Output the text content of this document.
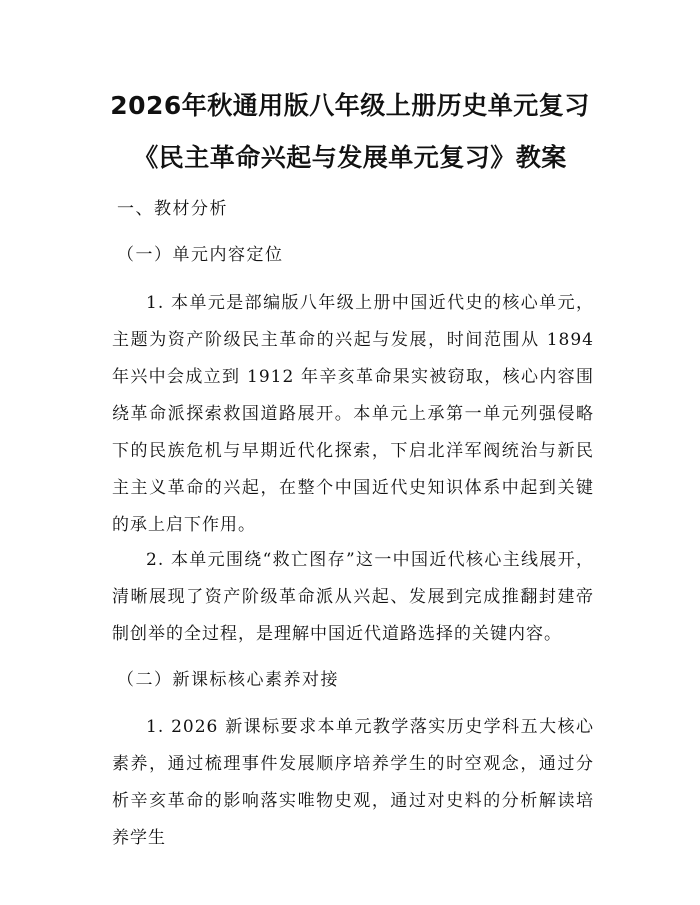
2026年秋通用版八年级上册历史单元复习
《民主革命兴起与发展单元复习》教案
一、教材分析
（一）单元内容定位
1. 本单元是部编版八年级上册中国近代史的核心单元，主题为资产阶级民主革命的兴起与发展，时间范围从 1894 年兴中会成立到 1912 年辛亥革命果实被窃取，核心内容围绕革命派探索救国道路展开。本单元上承第一单元列强侵略下的民族危机与早期近代化探索，下启北洋军阀统治与新民主主义革命的兴起，在整个中国近代史知识体系中起到关键的承上启下作用。
2. 本单元围绕“救亡图存”这一中国近代核心主线展开，清晰展现了资产阶级革命派从兴起、发展到完成推翻封建帝制创举的全过程，是理解中国近代道路选择的关键内容。
（二）新课标核心素养对接
1. 2026 新课标要求本单元教学落实历史学科五大核心素养，通过梳理事件发展顺序培养学生的时空观念，通过分析辛亥革命的影响落实唯物史观，通过对史料的分析解读培养学生
